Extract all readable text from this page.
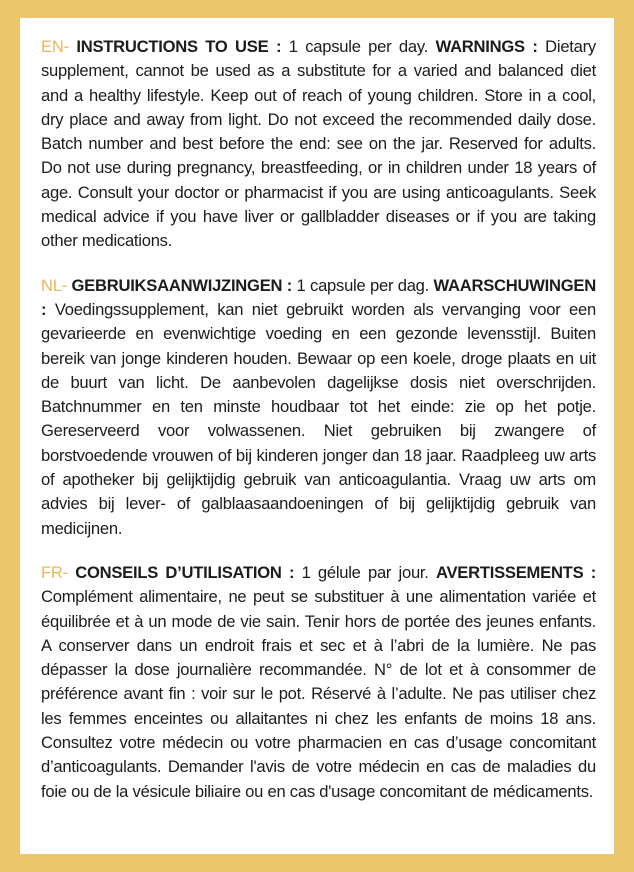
EN- INSTRUCTIONS TO USE : 1 capsule per day. WARNINGS : Dietary supplement, cannot be used as a substitute for a varied and balanced diet and a healthy lifestyle. Keep out of reach of young children. Store in a cool, dry place and away from light. Do not exceed the recommended daily dose. Batch number and best before the end: see on the jar. Reserved for adults. Do not use during pregnancy, breastfeeding, or in children under 18 years of age. Consult your doctor or pharmacist if you are using anticoagulants. Seek medical advice if you have liver or gallbladder diseases or if you are taking other medications.

NL- GEBRUIKSAANWIJZINGEN : 1 capsule per dag. WAARSCHUWINGEN : Voedingssupplement, kan niet gebruikt worden als vervanging voor een gevarieerde en evenwichtige voeding en een gezonde levensstijl. Buiten bereik van jonge kinderen houden. Bewaar op een koele, droge plaats en uit de buurt van licht. De aanbevolen dagelijkse dosis niet overschrijden. Batchnummer en ten minste houdbaar tot het einde: zie op het potje. Gereserveerd voor volwassenen. Niet gebruiken bij zwangere of borstvoedende vrouwen of bij kinderen jonger dan 18 jaar. Raadpleeg uw arts of apotheker bij gelijktijdig gebruik van anticoagulantia. Vraag uw arts om advies bij lever- of galblaasaandoeningen of bij gelijktijdig gebruik van medicijnen.

FR- CONSEILS D’UTILISATION : 1 gélule par jour. AVERTISSEMENTS : Complément alimentaire, ne peut se substituer à une alimentation variée et équilibrée et à un mode de vie sain. Tenir hors de portée des jeunes enfants. A conserver dans un endroit frais et sec et à l’abri de la lumière. Ne pas dépasser la dose journalière recommandée. N° de lot et à consommer de préférence avant fin : voir sur le pot. Réservé à l’adulte. Ne pas utiliser chez les femmes enceintes ou allaitantes ni chez les enfants de moins 18 ans. Consultez votre médecin ou votre pharmacien en cas d’usage concomitant d’anticoagulants. Demander l'avis de votre médecin en cas de maladies du foie ou de la vésicule biliaire ou en cas d'usage concomitant de médicaments.
